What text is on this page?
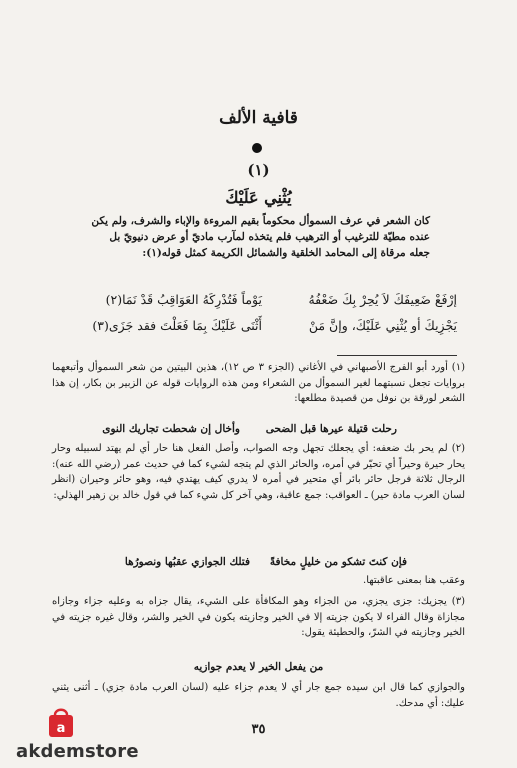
قافية الألف
(١)
يُثْنِي عَلَيْكَ
كان الشعر في عرف السموأل محكوماً بقيم المروءة والإباء والشرف، ولم يكن عنده مطيّة للترغيب أو الترهيب فلم يتخذه لمآرب ماديّ أو عرض دنيويّ بل جعله مرقاة إلى المحامد الخلقية والشمائل الكريمة كمثل قوله(١):
إرْفَعْ ضَعِيفَكَ لاَ يُحِرْ بِكَ ضَعْفُهُ
يَوْماً فَتُدْرِكَهُ العَوَاقِبُ قَدْ نَمَا(٢)
يَجْزِيكَ أو يُثْنِي عَلَيْكَ، وإنَّ مَنْ
أَثْنَى عَلَيْكَ بِمَا فَعَلْتَ فقد جَزَى(٣)
(١) أورد أبو الفرج الأصبهاني في الأغاني (الجزء ٣ ص ١٢)، هذين البيتين من شعر السموأل وأتبعهما بروايات تجعل نسبتهما لغير السموأل من الشعراء ومن هذه الروايات قوله عن الزبير بن بكار، إن هذا الشعر لورقة بن نوفل من قصيدة مطلعها:
رحلت قتيلة عيرها قبل الضحى
وأخال إن شحطت تجاريك النوى
(٢) لم يحر بك ضعفه: أي يجعلك تجهل وجه الصواب، وأصل الفعل هنا حار أي لم يهتد لسبيله وحار يحار حيرة وحيراً أي تحيّر في أمره، والحائر الذي لم يتجه لشيء كما في حديث عمر (رضي الله عنه): الرجال ثلاثة فرجل حائر بائر أي متحير في أمره لا يدري كيف يهتدي فيه، وهو حائر وحيران (انظر لسان العرب مادة حير) ـ العواقب: جمع عاقبة، وهي آخر كل شيء كما في قول خالد بن زهير الهذلي:
فإن كنتَ تشكو من خليلٍ مخافةً
فتلك الجوازي عقبُها ونصورُها
وعقب هنا بمعنى عاقبتها.
(٣) يجزيك: جزى يجزي، من الجزاء وهو المكافأة على الشيء، يقال جزاه به وعليه جزاء وجازاه مجازاة وقال الفراء لا يكون جزيته إلا في الخير وجازيته يكون في الخير والشر، وقال غيره جزيته في الخير وجازيته في الشرّ، والحطيئة يقول:
من يفعل الخير لا يعدم جوازيه
والجوازي كما قال ابن سيده جمع جار أي لا يعدم جزاء عليه (لسان العرب مادة جزي) ـ أثنى يثني عليك: أي مدحك.
٣٥
a
akdemstore
